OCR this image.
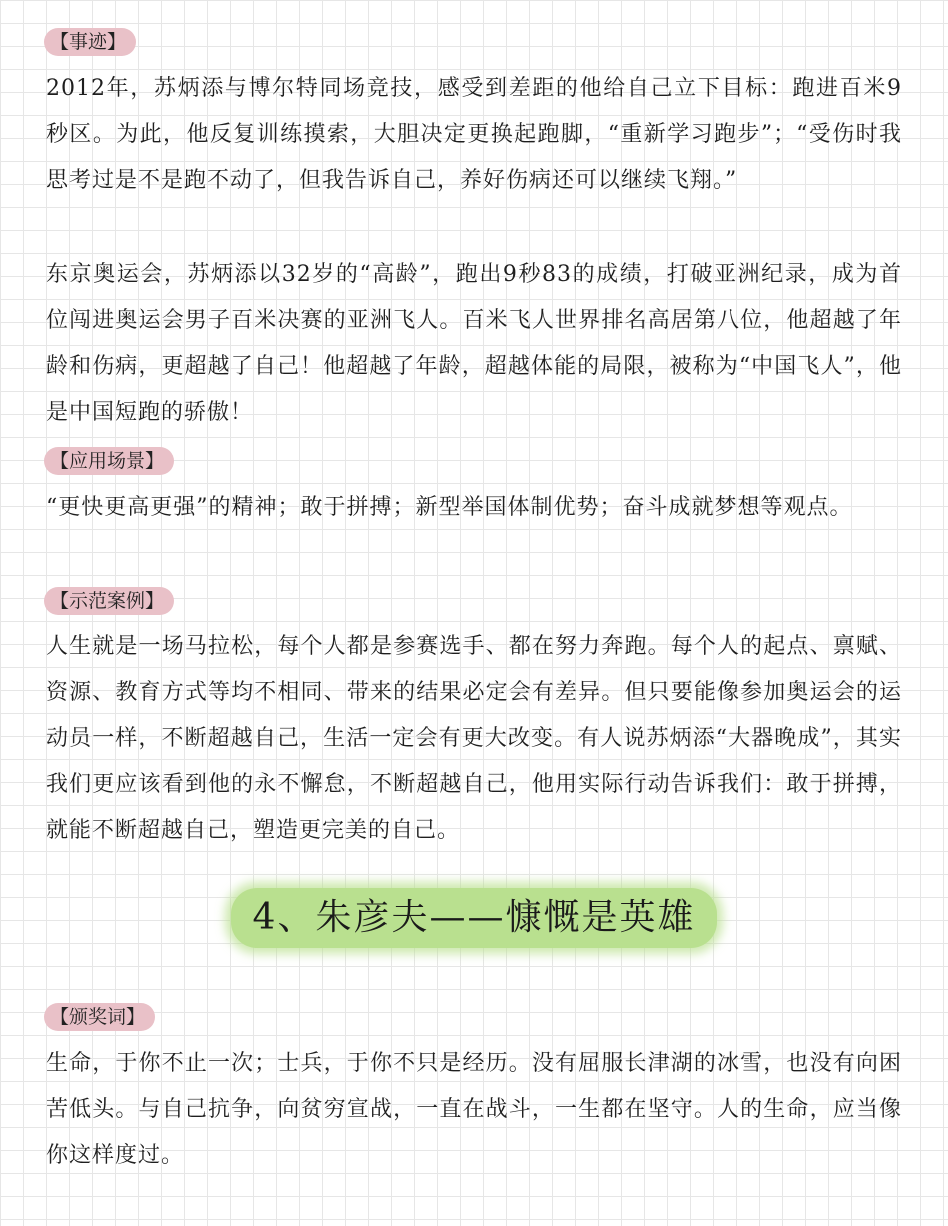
【事迹】

2012年，苏炳添与博尔特同场竞技，感受到差距的他给自己立下目标：跑进百米9秒区。为此，他反复训练摸索，大胆决定更换起跑脚，“重新学习跑步”；“受伤时我思考过是不是跑不动了，但我告诉自己，养好伤病还可以继续飞翔。”

东京奥运会，苏炳添以32岁的“高龄”，跑出9秒83的成绩，打破亚洲纪录，成为首位闯进奥运会男子百米决赛的亚洲飞人。百米飞人世界排名高居第八位，他超越了年龄和伤病，更超越了自己！他超越了年龄，超越体能的局限，被称为“中国飞人”，他是中国短跑的骄傲！

【应用场景】

“更快更高更强”的精神；敢于拼搏；新型举国体制优势；奋斗成就梦想等观点。

【示范案例】

人生就是一场马拉松，每个人都是参赛选手、都在努力奔跑。每个人的起点、禀赋、资源、教育方式等均不相同、带来的结果必定会有差异。但只要能像参加奥运会的运动员一样，不断超越自己，生活一定会有更大改变。有人说苏炳添“大器晚成”，其实我们更应该看到他的永不懈怠，不断超越自己，他用实际行动告诉我们：敢于拼搏，就能不断超越自己，塑造更完美的自己。

4、朱彦夫——慷慨是英雄
【颁奖词】

生命，于你不止一次；士兵，于你不只是经历。没有屈服长津湖的冰雪，也没有向困苦低头。与自己抗争，向贫穷宣战，一直在战斗，一生都在坚守。人的生命，应当像你这样度过。
